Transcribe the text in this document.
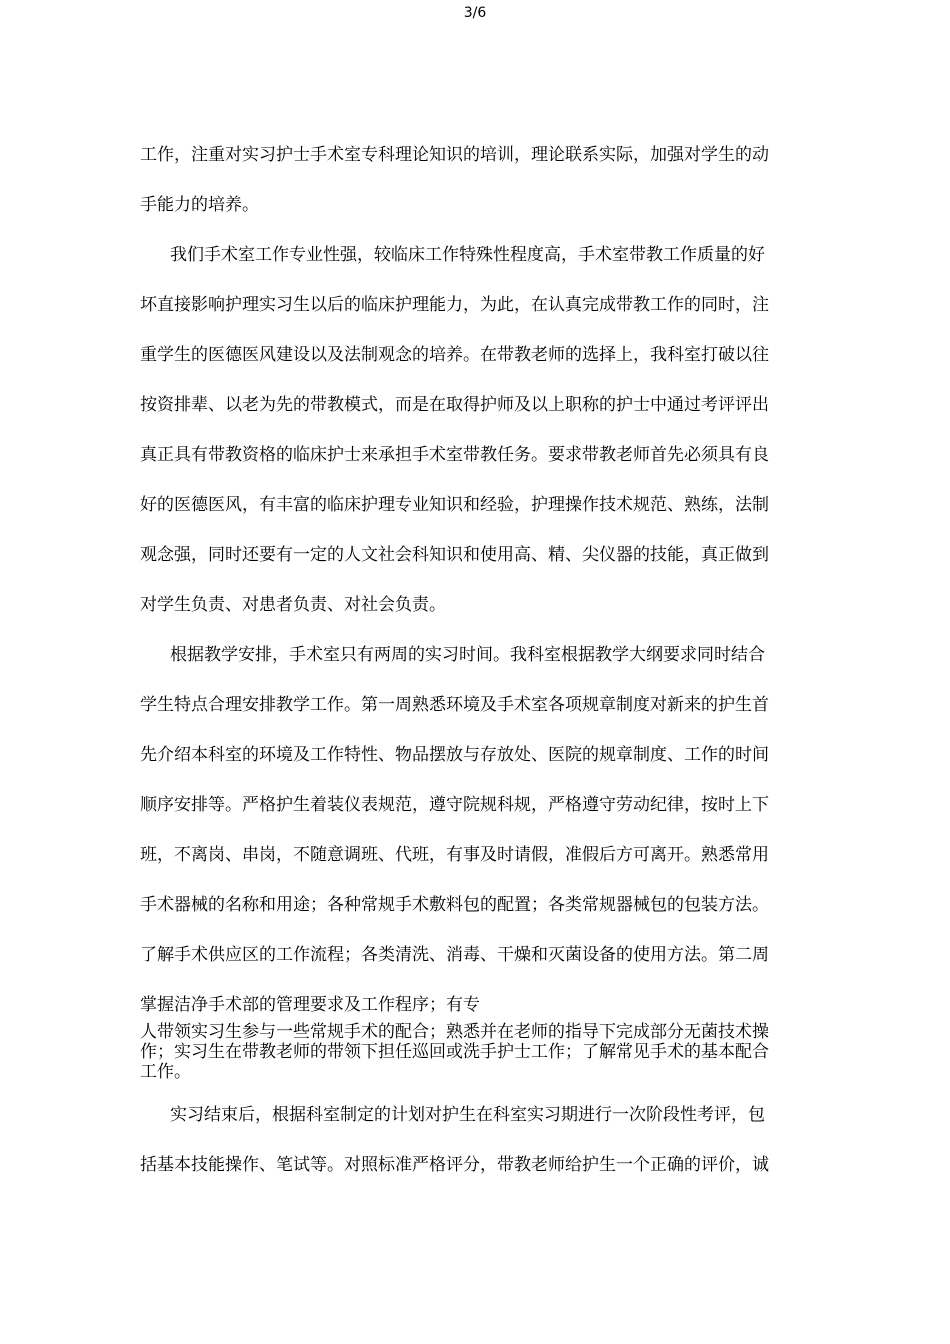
3/6
工作，注重对实习护士手术室专科理论知识的培训，理论联系实际，加强对学生的动
手能力的培养。
我们手术室工作专业性强，较临床工作特殊性程度高，手术室带教工作质量的好
坏直接影响护理实习生以后的临床护理能力，为此，在认真完成带教工作的同时，注
重学生的医德医风建设以及法制观念的培养。在带教老师的选择上，我科室打破以往
按资排辈、以老为先的带教模式，而是在取得护师及以上职称的护士中通过考评评出
真正具有带教资格的临床护士来承担手术室带教任务。要求带教老师首先必须具有良
好的医德医风，有丰富的临床护理专业知识和经验，护理操作技术规范、熟练，法制
观念强，同时还要有一定的人文社会科知识和使用高、精、尖仪器的技能，真正做到
对学生负责、对患者负责、对社会负责。
根据教学安排，手术室只有两周的实习时间。我科室根据教学大纲要求同时结合
学生特点合理安排教学工作。第一周熟悉环境及手术室各项规章制度对新来的护生首
先介绍本科室的环境及工作特性、物品摆放与存放处、医院的规章制度、工作的时间
顺序安排等。严格护生着装仪表规范，遵守院规科规，严格遵守劳动纪律，按时上下
班，不离岗、串岗，不随意调班、代班，有事及时请假，准假后方可离开。熟悉常用
手术器械的名称和用途；各种常规手术敷料包的配置；各类常规器械包的包装方法。
了解手术供应区的工作流程；各类清洗、消毒、干燥和灭菌设备的使用方法。第二周
掌握洁净手术部的管理要求及工作程序；有专
人带领实习生参与一些常规手术的配合；熟悉并在老师的指导下完成部分无菌技术操
作；实习生在带教老师的带领下担任巡回或洗手护士工作；了解常见手术的基本配合
工作。
实习结束后，根据科室制定的计划对护生在科室实习期进行一次阶段性考评，包
括基本技能操作、笔试等。对照标准严格评分，带教老师给护生一个正确的评价，诚
